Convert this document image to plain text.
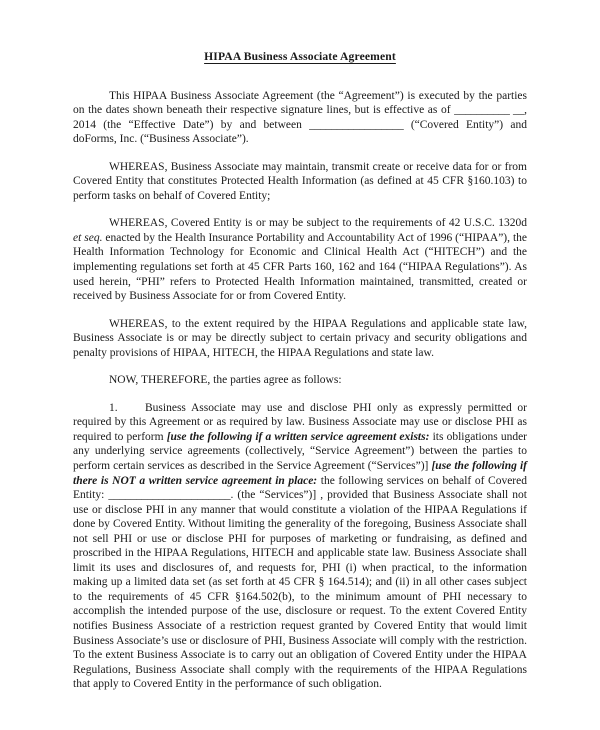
HIPAA Business Associate Agreement

This HIPAA Business Associate Agreement (the “Agreement”) is executed by the parties on the dates shown beneath their respective signature lines, but is effective as of __________ __, 2014 (the “Effective Date”) by and between _________________ (“Covered Entity”) and doForms, Inc. (“Business Associate”).

WHEREAS, Business Associate may maintain, transmit create or receive data for or from Covered Entity that constitutes Protected Health Information (as defined at 45 CFR §160.103) to perform tasks on behalf of Covered Entity;

WHEREAS, Covered Entity is or may be subject to the requirements of 42 U.S.C. 1320d et seq. enacted by the Health Insurance Portability and Accountability Act of 1996 (“HIPAA”), the Health Information Technology for Economic and Clinical Health Act (“HITECH”) and the implementing regulations set forth at 45 CFR Parts 160, 162 and 164 (“HIPAA Regulations”). As used herein, “PHI” refers to Protected Health Information maintained, transmitted, created or received by Business Associate for or from Covered Entity.

WHEREAS, to the extent required by the HIPAA Regulations and applicable state law, Business Associate is or may be directly subject to certain privacy and security obligations and penalty provisions of HIPAA, HITECH, the HIPAA Regulations and state law.

NOW, THEREFORE, the parties agree as follows:

1. Business Associate may use and disclose PHI only as expressly permitted or required by this Agreement or as required by law. Business Associate may use or disclose PHI as required to perform [use the following if a written service agreement exists: its obligations under any underlying service agreements (collectively, “Service Agreement”) between the parties to perform certain services as described in the Service Agreement (“Services”)] [use the following if there is NOT a written service agreement in place: the following services on behalf of Covered Entity: ______________________. (the “Services”)] , provided that Business Associate shall not use or disclose PHI in any manner that would constitute a violation of the HIPAA Regulations if done by Covered Entity. Without limiting the generality of the foregoing, Business Associate shall not sell PHI or use or disclose PHI for purposes of marketing or fundraising, as defined and proscribed in the HIPAA Regulations, HITECH and applicable state law. Business Associate shall limit its uses and disclosures of, and requests for, PHI (i) when practical, to the information making up a limited data set (as set forth at 45 CFR § 164.514); and (ii) in all other cases subject to the requirements of 45 CFR §164.502(b), to the minimum amount of PHI necessary to accomplish the intended purpose of the use, disclosure or request. To the extent Covered Entity notifies Business Associate of a restriction request granted by Covered Entity that would limit Business Associate’s use or disclosure of PHI, Business Associate will comply with the restriction. To the extent Business Associate is to carry out an obligation of Covered Entity under the HIPAA Regulations, Business Associate shall comply with the requirements of the HIPAA Regulations that apply to Covered Entity in the performance of such obligation.
